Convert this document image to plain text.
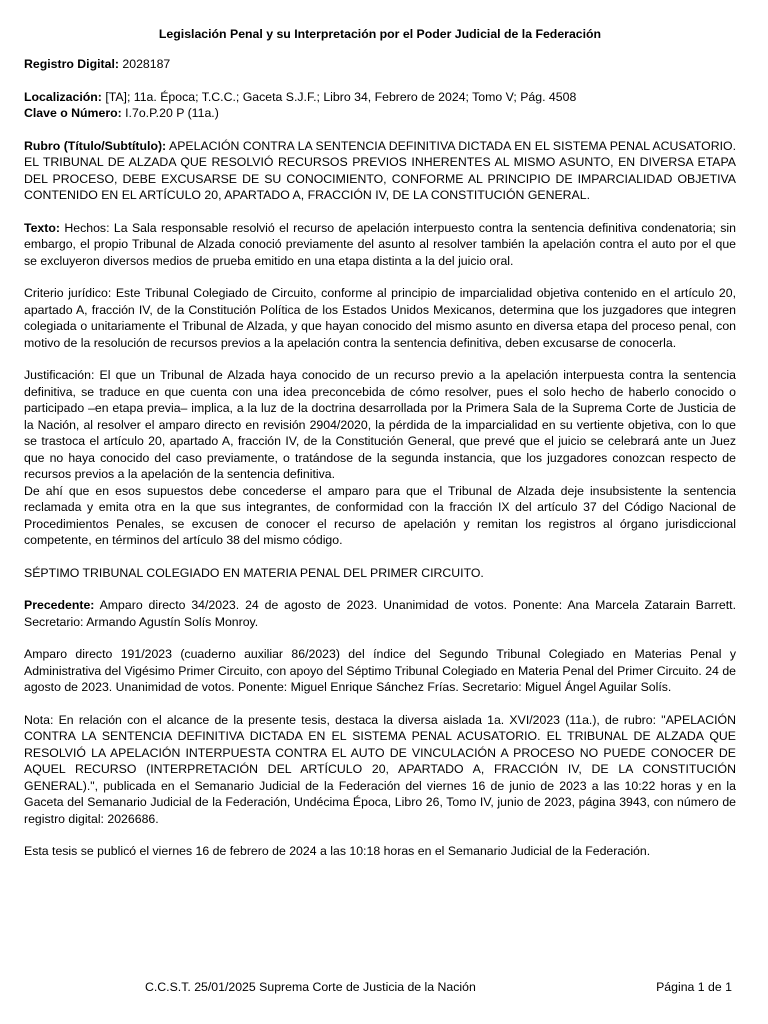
Legislación Penal y su Interpretación por el Poder Judicial de la Federación

Registro Digital: 2028187

Localización: [TA]; 11a. Época; T.C.C.; Gaceta S.J.F.; Libro 34, Febrero de 2024; Tomo V; Pág. 4508

Clave o Número: I.7o.P.20 P (11a.)

Rubro (Título/Subtítulo): APELACIÓN CONTRA LA SENTENCIA DEFINITIVA DICTADA EN EL SISTEMA PENAL ACUSATORIO. EL TRIBUNAL DE ALZADA QUE RESOLVIÓ RECURSOS PREVIOS INHERENTES AL MISMO ASUNTO, EN DIVERSA ETAPA DEL PROCESO, DEBE EXCUSARSE DE SU CONOCIMIENTO, CONFORME AL PRINCIPIO DE IMPARCIALIDAD OBJETIVA CONTENIDO EN EL ARTÍCULO 20, APARTADO A, FRACCIÓN IV, DE LA CONSTITUCIÓN GENERAL.

Texto: Hechos: La Sala responsable resolvió el recurso de apelación interpuesto contra la sentencia definitiva condenatoria; sin embargo, el propio Tribunal de Alzada conoció previamente del asunto al resolver también la apelación contra el auto por el que se excluyeron diversos medios de prueba emitido en una etapa distinta a la del juicio oral.

Criterio jurídico: Este Tribunal Colegiado de Circuito, conforme al principio de imparcialidad objetiva contenido en el artículo 20, apartado A, fracción IV, de la Constitución Política de los Estados Unidos Mexicanos, determina que los juzgadores que integren colegiada o unitariamente el Tribunal de Alzada, y que hayan conocido del mismo asunto en diversa etapa del proceso penal, con motivo de la resolución de recursos previos a la apelación contra la sentencia definitiva, deben excusarse de conocerla.

Justificación: El que un Tribunal de Alzada haya conocido de un recurso previo a la apelación interpuesta contra la sentencia definitiva, se traduce en que cuenta con una idea preconcebida de cómo resolver, pues el solo hecho de haberlo conocido o participado –en etapa previa– implica, a la luz de la doctrina desarrollada por la Primera Sala de la Suprema Corte de Justicia de la Nación, al resolver el amparo directo en revisión 2904/2020, la pérdida de la imparcialidad en su vertiente objetiva, con lo que se trastoca el artículo 20, apartado A, fracción IV, de la Constitución General, que prevé que el juicio se celebrará ante un Juez que no haya conocido del caso previamente, o tratándose de la segunda instancia, que los juzgadores conozcan respecto de recursos previos a la apelación de la sentencia definitiva.

De ahí que en esos supuestos debe concederse el amparo para que el Tribunal de Alzada deje insubsistente la sentencia reclamada y emita otra en la que sus integrantes, de conformidad con la fracción IX del artículo 37 del Código Nacional de Procedimientos Penales, se excusen de conocer el recurso de apelación y remitan los registros al órgano jurisdiccional competente, en términos del artículo 38 del mismo código.

SÉPTIMO TRIBUNAL COLEGIADO EN MATERIA PENAL DEL PRIMER CIRCUITO.

Precedente: Amparo directo 34/2023. 24 de agosto de 2023. Unanimidad de votos. Ponente: Ana Marcela Zatarain Barrett. Secretario: Armando Agustín Solís Monroy.

Amparo directo 191/2023 (cuaderno auxiliar 86/2023) del índice del Segundo Tribunal Colegiado en Materias Penal y Administrativa del Vigésimo Primer Circuito, con apoyo del Séptimo Tribunal Colegiado en Materia Penal del Primer Circuito. 24 de agosto de 2023. Unanimidad de votos. Ponente: Miguel Enrique Sánchez Frías. Secretario: Miguel Ángel Aguilar Solís.

Nota: En relación con el alcance de la presente tesis, destaca la diversa aislada 1a. XVI/2023 (11a.), de rubro: "APELACIÓN CONTRA LA SENTENCIA DEFINITIVA DICTADA EN EL SISTEMA PENAL ACUSATORIO. EL TRIBUNAL DE ALZADA QUE RESOLVIÓ LA APELACIÓN INTERPUESTA CONTRA EL AUTO DE VINCULACIÓN A PROCESO NO PUEDE CONOCER DE AQUEL RECURSO (INTERPRETACIÓN DEL ARTÍCULO 20, APARTADO A, FRACCIÓN IV, DE LA CONSTITUCIÓN GENERAL).", publicada en el Semanario Judicial de la Federación del viernes 16 de junio de 2023 a las 10:22 horas y en la Gaceta del Semanario Judicial de la Federación, Undécima Época, Libro 26, Tomo IV, junio de 2023, página 3943, con número de registro digital: 2026686.

Esta tesis se publicó el viernes 16 de febrero de 2024 a las 10:18 horas en el Semanario Judicial de la Federación.

C.C.S.T. 25/01/2025 Suprema Corte de Justicia de la Nación	Página 1 de 1
